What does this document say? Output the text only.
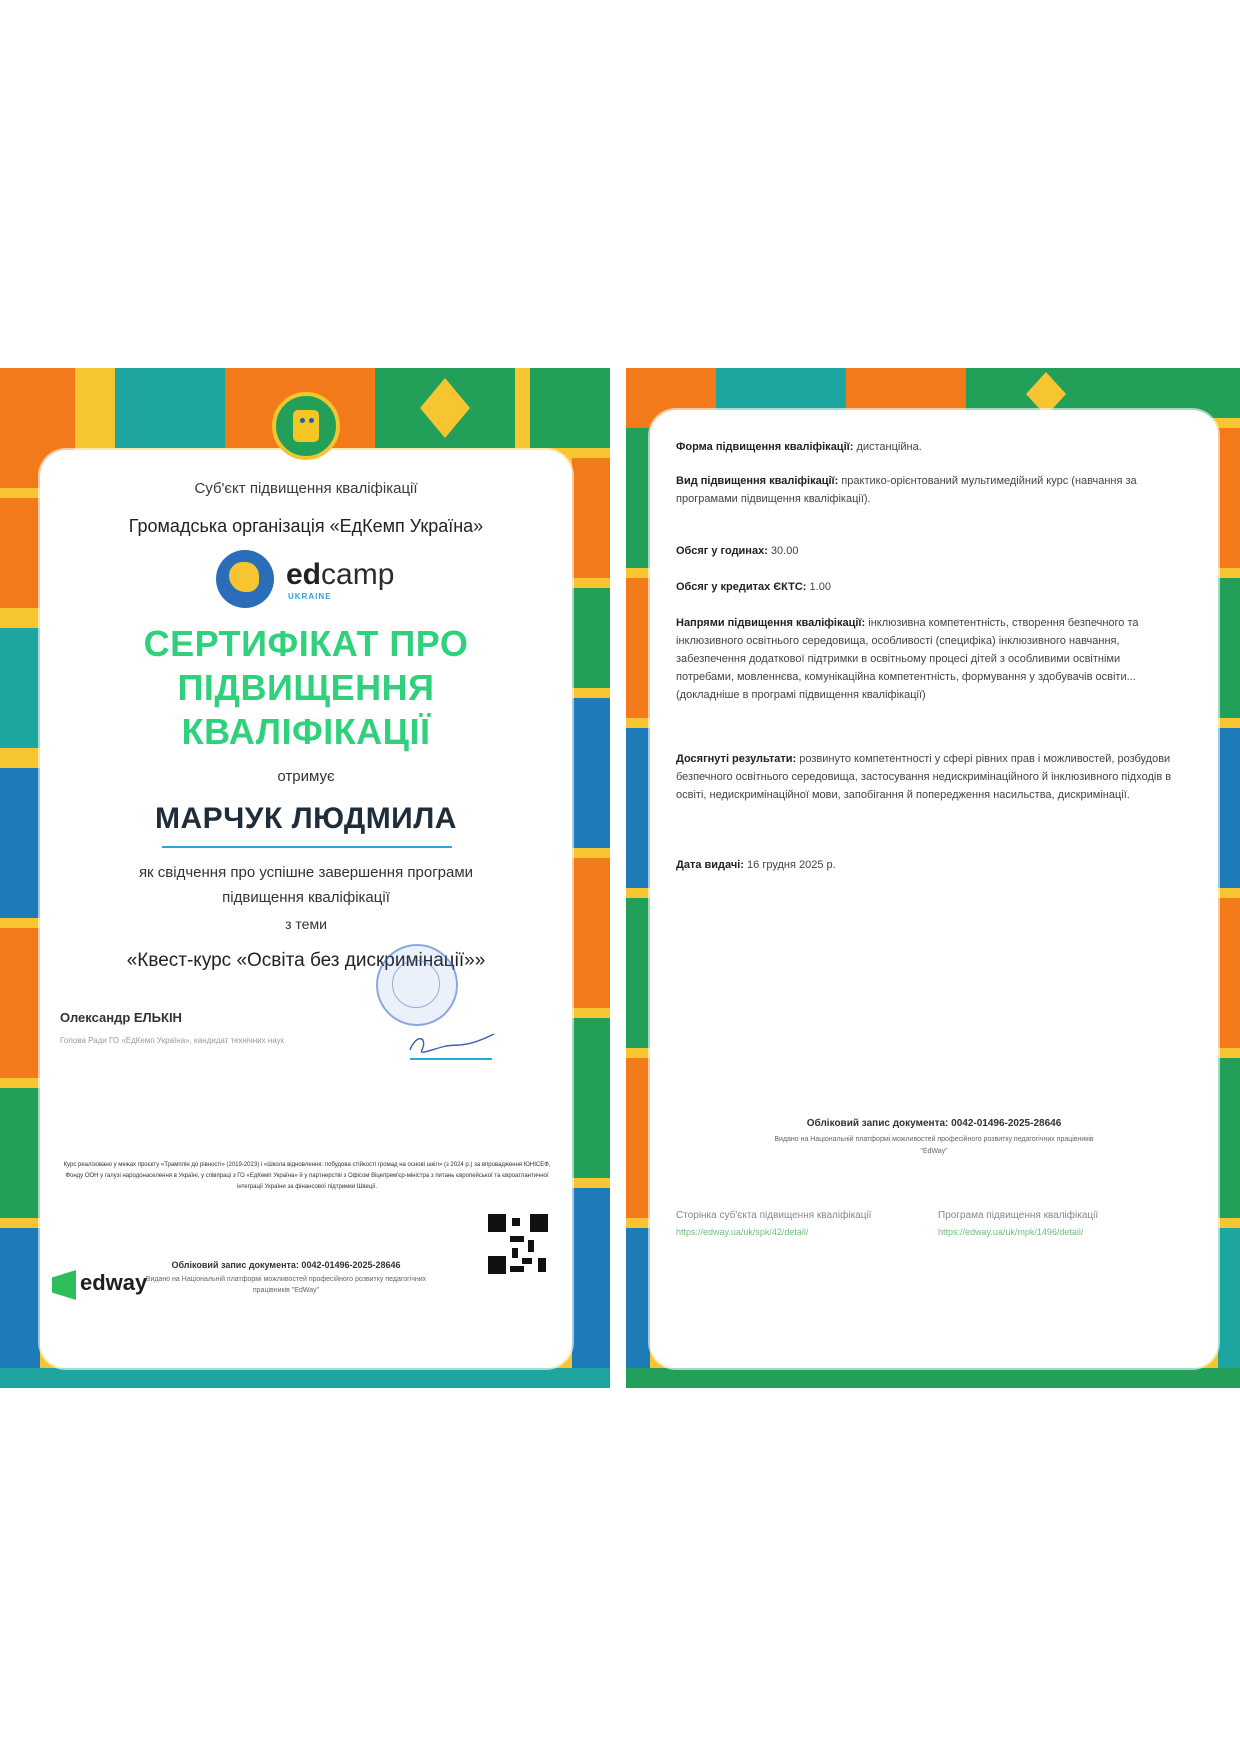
Суб'єкт підвищення кваліфікації
Громадська організація «ЕдКемп Україна»
edcamp
UKRAINE
СЕРТИФІКАТ ПРО
ПІДВИЩЕННЯ
КВАЛІФІКАЦІЇ
отримує
МАРЧУК ЛЮДМИЛА
як свідчення про успішне завершення програми
підвищення кваліфікації
з теми
«Квест-курс «Освіта без дискримінації»»
Олександр ЕЛЬКІН
Голова Ради ГО «ЕдКемп Україна», кандидат технічних наук
Курс реалізовано у межах проєкту «Трамплін до рівності» (2019-2023) і «Школа відновлення: побудова стійкості громад на основі шкіл» (з 2024 р.) за впровадження ЮНІСЕФ, Фонду ООН у галузі народонаселення в Україні, у співпраці з ГО «ЕдКемп Україна» й у партнерстві з Офісом Віцепрем'єр-міністра з питань європейської та євроатлантичної інтеграції України за фінансової підтримки Швеції.
edway
Обліковий запис документа: 0042-01496-2025-28646
Видано на Національній платформі можливостей професійного розвитку педагогічних працівників "EdWay"
Форма підвищення кваліфікації: дистанційна.
Вид підвищення кваліфікації: практико-орієнтований мультимедійний курс (навчання за програмами підвищення кваліфікації).
Обсяг у годинах: 30.00
Обсяг у кредитах ЄКТС: 1.00
Напрями підвищення кваліфікації: інклюзивна компетентність, створення безпечного та інклюзивного освітнього середовища, особливості (специфіка) інклюзивного навчання, забезпечення додаткової підтримки в освітньому процесі дітей з особливими освітніми потребами, мовленнєва, комунікаційна компетентність, формування у здобувачів освіти... (докладніше в програмі підвищення кваліфікації)
Досягнуті результати: розвинуто компетентності у сфері рівних прав і можливостей, розбудови безпечного освітнього середовища, застосування недискримінаційного й інклюзивного підходів в освіті, недискримінаційної мови, запобігання й попередження насильства, дискримінації.
Дата видачі: 16 грудня 2025 р.
Обліковий запис документа: 0042-01496-2025-28646
Видано на Національній платформі можливостей професійного розвитку педагогічних працівників "EdWay"
Сторінка суб'єкта підвищення кваліфікації
https://edway.ua/uk/spk/42/detail/
Програма підвищення кваліфікації
https://edway.ua/uk/mpk/1496/detail/
